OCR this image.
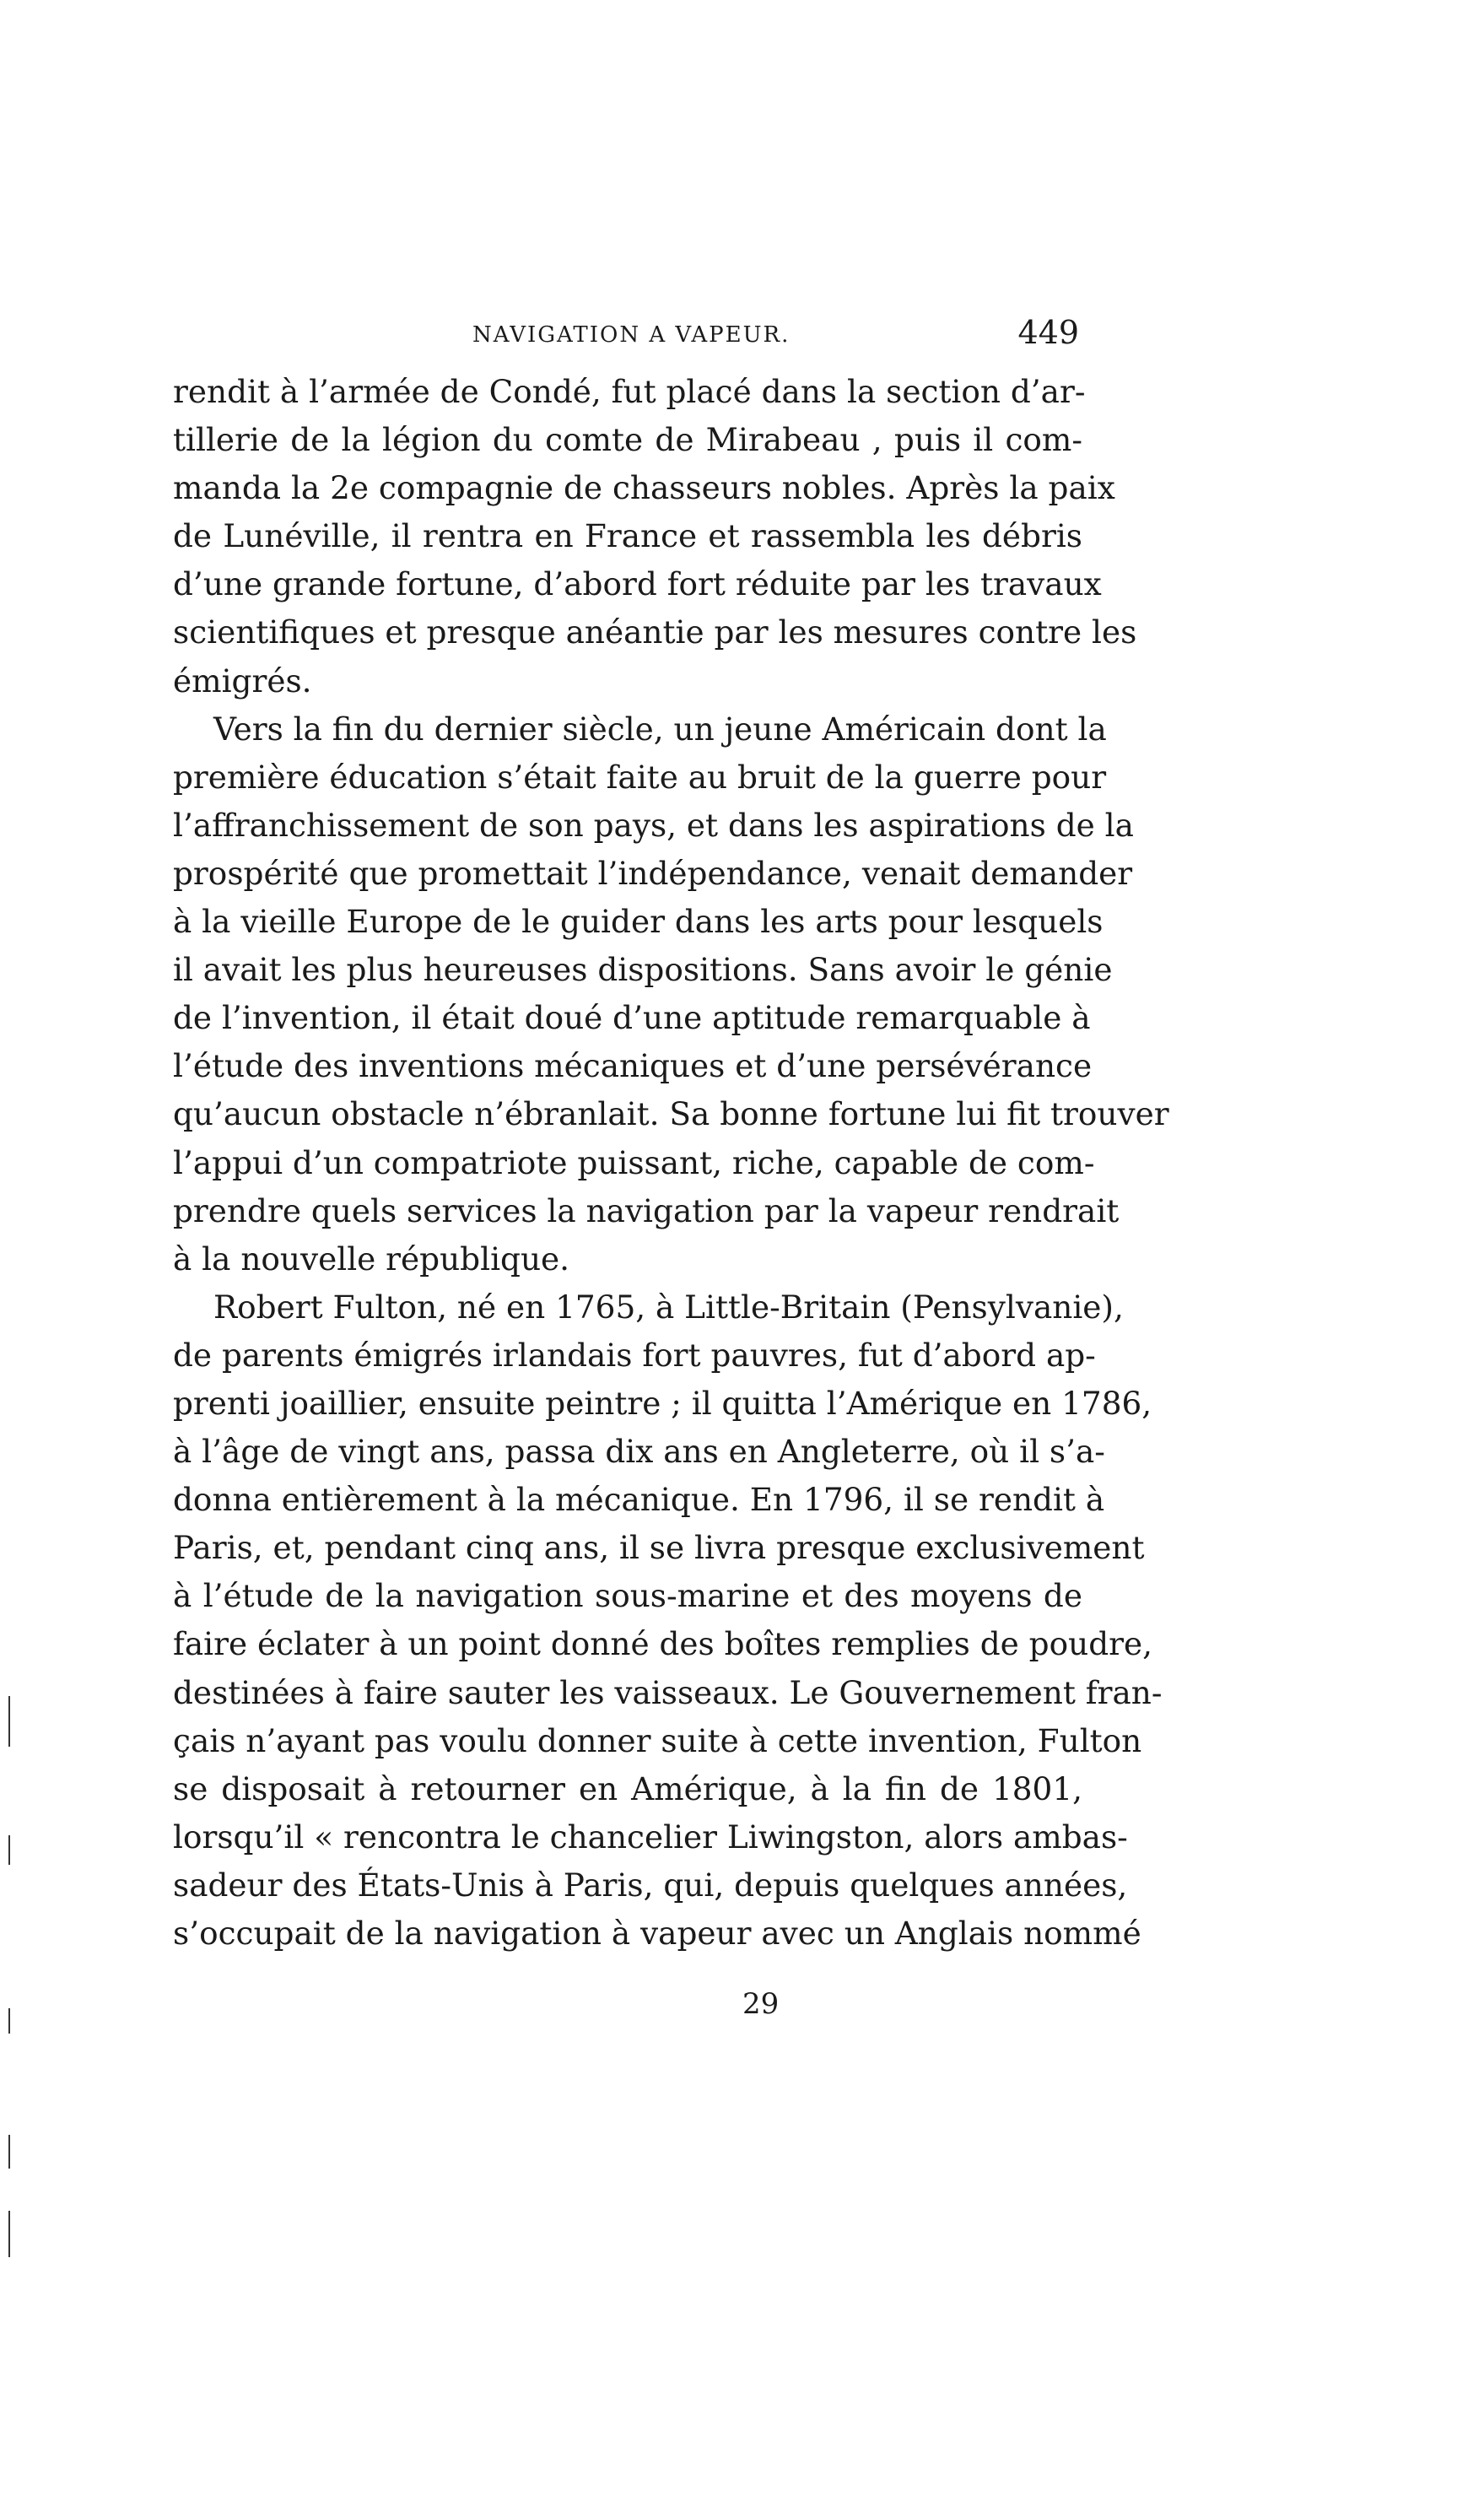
NAVIGATION A VAPEUR.	449
rendit à l’armée de Condé, fut placé dans la section d’ar-
tillerie de la légion du comte de Mirabeau , puis il com-
manda la 2e compagnie de chasseurs nobles. Après la paix
de Lunéville, il rentra en France et rassembla les débris
d’une grande fortune, d’abord fort réduite par les travaux
scientifiques et presque anéantie par les mesures contre les
émigrés.
Vers la fin du dernier siècle, un jeune Américain dont la
première éducation s’était faite au bruit de la guerre pour
l’affranchissement de son pays, et dans les aspirations de la
prospérité que promettait l’indépendance, venait demander
à la vieille Europe de le guider dans les arts pour lesquels
il avait les plus heureuses dispositions. Sans avoir le génie
de l’invention, il était doué d’une aptitude remarquable à
l’étude des inventions mécaniques et d’une persévérance
qu’aucun obstacle n’ébranlait. Sa bonne fortune lui fit trouver
l’appui d’un compatriote puissant, riche, capable de com-
prendre quels services la navigation par la vapeur rendrait
à la nouvelle république.
Robert Fulton, né en 1765, à Little-Britain (Pensylvanie),
de parents émigrés irlandais fort pauvres, fut d’abord ap-
prenti joaillier, ensuite peintre ; il quitta l’Amérique en 1786,
à l’âge de vingt ans, passa dix ans en Angleterre, où il s’a-
donna entièrement à la mécanique. En 1796, il se rendit à
Paris, et, pendant cinq ans, il se livra presque exclusivement
à l’étude de la navigation sous-marine et des moyens de
faire éclater à un point donné des boîtes remplies de poudre,
destinées à faire sauter les vaisseaux. Le Gouvernement fran-
çais n’ayant pas voulu donner suite à cette invention, Fulton
se disposait à retourner en Amérique, à la fin de 1801,
lorsqu’il « rencontra le chancelier Liwingston, alors ambas-
sadeur des États-Unis à Paris, qui, depuis quelques années,
s’occupait de la navigation à vapeur avec un Anglais nommé
29
